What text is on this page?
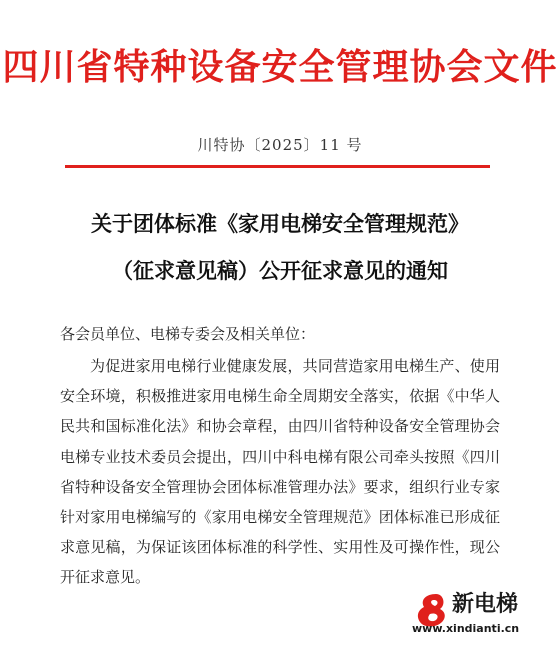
四川省特种设备安全管理协会文件
川特协〔2025〕11 号
关于团体标准《家用电梯安全管理规范》
（征求意见稿）公开征求意见的通知
各会员单位、电梯专委会及相关单位：

为促进家用电梯行业健康发展，共同营造家用电梯生产、使用安全环境，积极推进家用电梯生命全周期安全落实，依据《中华人民共和国标准化法》和协会章程，由四川省特种设备安全管理协会电梯专业技术委员会提出，四川中科电梯有限公司牵头按照《四川省特种设备安全管理协会团体标准管理办法》要求，组织行业专家针对家用电梯编写的《家用电梯安全管理规范》团体标准已形成征求意见稿，为保证该团体标准的科学性、实用性及可操作性，现公开征求意见。

新电梯
www.xindianti.cn
